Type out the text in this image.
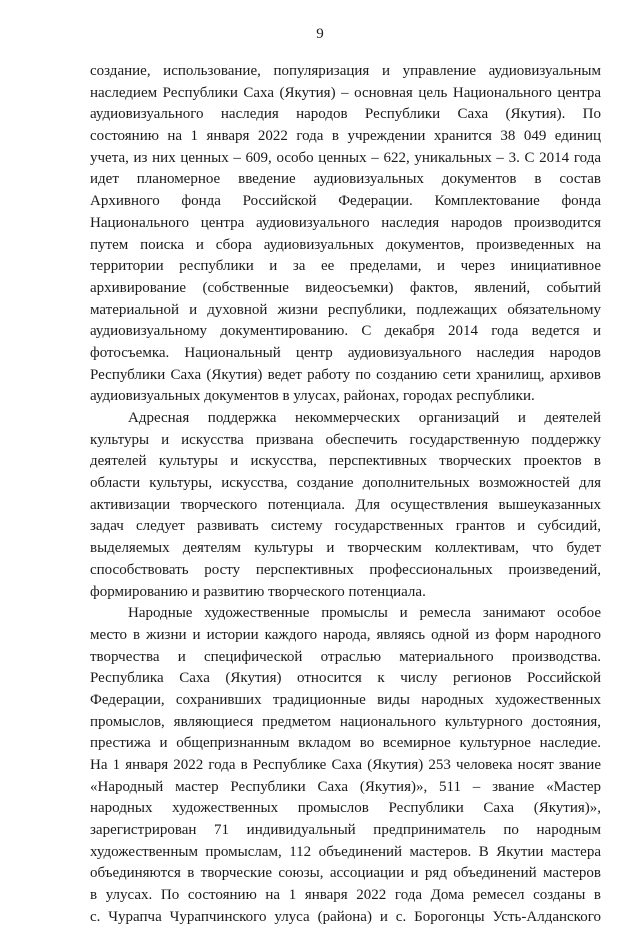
9
создание, использование, популяризация и управление аудиовизуальным
наследием Республики Саха (Якутия) – основная цель Национального центра
аудиовизуального наследия народов Республики Саха (Якутия). По
состоянию на 1 января 2022 года в учреждении хранится 38 049 единиц
учета, из них ценных – 609, особо ценных – 622, уникальных – 3. С 2014 года
идет планомерное введение аудиовизуальных документов в состав
Архивного фонда Российской Федерации. Комплектование фонда
Национального центра аудиовизуального наследия народов производится
путем поиска и сбора аудиовизуальных документов, произведенных на
территории республики и за ее пределами, и через инициативное
архивирование (собственные видеосъемки) фактов, явлений, событий
материальной и духовной жизни республики, подлежащих обязательному
аудиовизуальному документированию. С декабря 2014 года ведется и
фотосъемка. Национальный центр аудиовизуального наследия народов
Республики Саха (Якутия) ведет работу по созданию сети хранилищ, архивов
аудиовизуальных документов в улусах, районах, городах республики.
Адресная поддержка некоммерческих организаций и деятелей
культуры и искусства призвана обеспечить государственную поддержку
деятелей культуры и искусства, перспективных творческих проектов в
области культуры, искусства, создание дополнительных возможностей для
активизации творческого потенциала. Для осуществления вышеуказанных
задач следует развивать систему государственных грантов и субсидий,
выделяемых деятелям культуры и творческим коллективам, что будет
способствовать росту перспективных профессиональных произведений,
формированию и развитию творческого потенциала.
Народные художественные промыслы и ремесла занимают особое
место в жизни и истории каждого народа, являясь одной из форм народного
творчества и специфической отраслью материального производства.
Республика Саха (Якутия) относится к числу регионов Российской
Федерации, сохранивших традиционные виды народных художественных
промыслов, являющиеся предметом национального культурного достояния,
престижа и общепризнанным вкладом во всемирное культурное наследие.
На 1 января 2022 года в Республике Саха (Якутия) 253 человека носят звание
«Народный мастер Республики Саха (Якутия)», 511 – звание «Мастер
народных художественных промыслов Республики Саха (Якутия)»,
зарегистрирован 71 индивидуальный предприниматель по народным
художественным промыслам, 112 объединений мастеров. В Якутии мастера
объединяются в творческие союзы, ассоциации и ряд объединений мастеров
в улусах. По состоянию на 1 января 2022 года Дома ремесел созданы в
с. Чурапча Чурапчинского улуса (района) и с. Борогонцы Усть-Алданского
